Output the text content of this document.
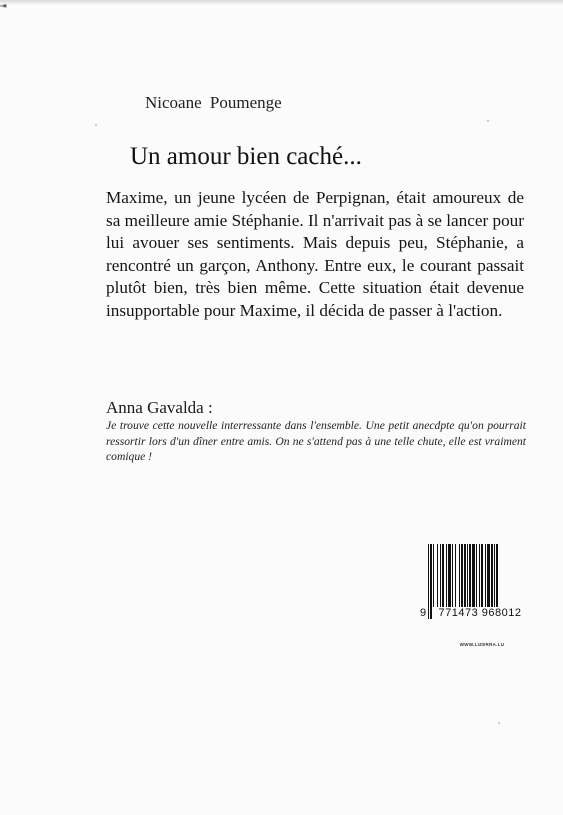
⇥
Nicoane Poumenge
Un amour bien caché...

Maxime, un jeune lycéen de Perpignan, était amoureux de sa meilleure amie Stéphanie. Il n'arrivait pas à se lancer pour lui avouer ses sentiments. Mais depuis peu, Stéphanie, a rencontré un garçon, Anthony. Entre eux, le courant passait plutôt bien, très bien même. Cette situation était devenue insupportable pour Maxime, il décida de passer à l'action.

Anna Gavalda :

Je trouve cette nouvelle interressante dans l'ensemble. Une petit anecdpte qu'on pourrait ressortir lors d'un dîner entre amis. On ne s'attend pas à une telle chute, elle est vraiment comique !

9	771473 968012
WWW.LIZERRA.LU
